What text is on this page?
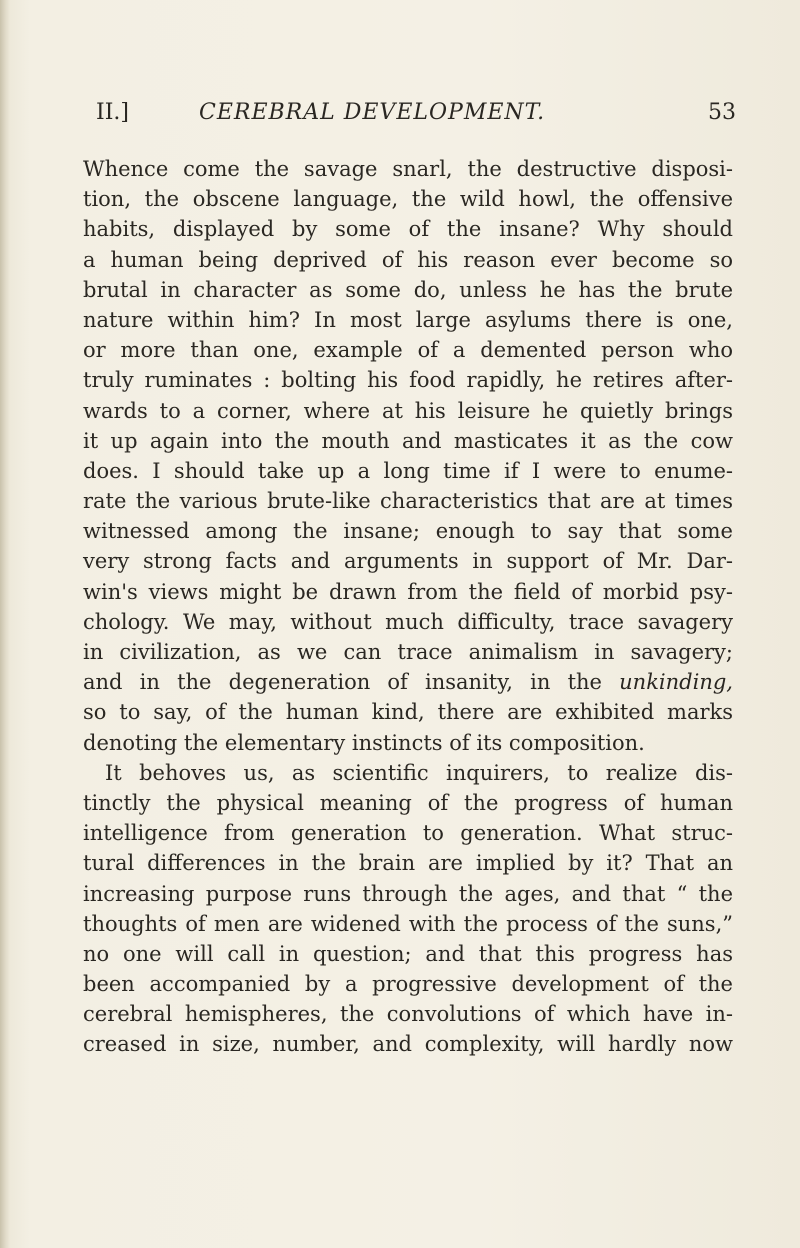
II.]	CEREBRAL DEVELOPMENT.	53
Whence come the savage snarl, the destructive disposi-
tion, the obscene language, the wild howl, the offensive
habits, displayed by some of the insane? Why should
a human being deprived of his reason ever become so
brutal in character as some do, unless he has the brute
nature within him? In most large asylums there is one,
or more than one, example of a demented person who
truly ruminates : bolting his food rapidly, he retires after-
wards to a corner, where at his leisure he quietly brings
it up again into the mouth and masticates it as the cow
does. I should take up a long time if I were to enume-
rate the various brute-like characteristics that are at times
witnessed among the insane; enough to say that some
very strong facts and arguments in support of Mr. Dar-
win's views might be drawn from the field of morbid psy-
chology. We may, without much difficulty, trace savagery
in civilization, as we can trace animalism in savagery;
and in the degeneration of insanity, in the unkinding,
so to say, of the human kind, there are exhibited marks
denoting the elementary instincts of its composition.
It behoves us, as scientific inquirers, to realize dis-
tinctly the physical meaning of the progress of human
intelligence from generation to generation. What struc-
tural differences in the brain are implied by it? That an
increasing purpose runs through the ages, and that “ the
thoughts of men are widened with the process of the suns,”
no one will call in question; and that this progress has
been accompanied by a progressive development of the
cerebral hemispheres, the convolutions of which have in-
creased in size, number, and complexity, will hardly now
